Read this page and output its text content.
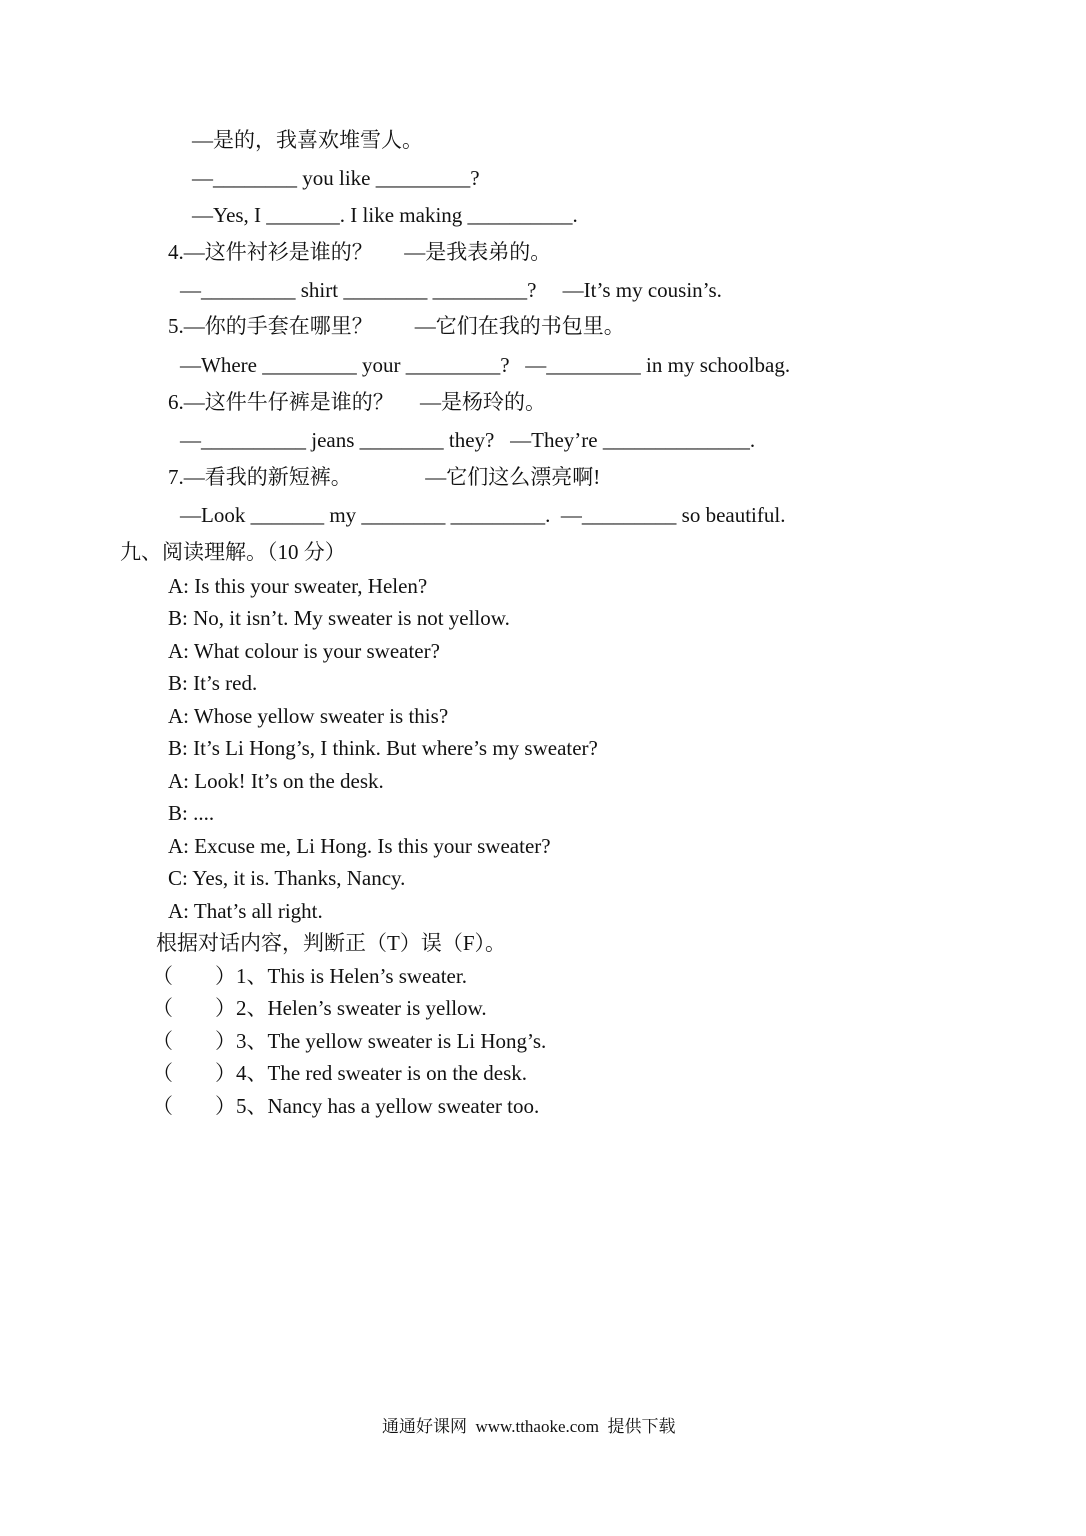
—是的，我喜欢堆雪人。
—________ you like _________?
—Yes, I _______. I like making __________.
4.—这件衬衫是谁的？      —是我表弟的。
—_________ shirt ________ _________?     —It’s my cousin’s.
5.—你的手套在哪里？        —它们在我的书包里。
—Where _________ your _________?   —_________ in my schoolbag.
6.—这件牛仔裤是谁的？     —是杨玲的。
—__________ jeans ________ they?   —They’re ______________.
7.—看我的新短裤。              —它们这么漂亮啊!
—Look _______ my ________ _________.  —_________ so beautiful.
九、阅读理解。（10 分）
A: Is this your sweater, Helen?
B: No, it isn’t. My sweater is not yellow.
A: What colour is your sweater?
B: It’s red.
A: Whose yellow sweater is this?
B: It’s Li Hong’s, I think. But where’s my sweater?
A: Look! It’s on the desk.
B: ....
A: Excuse me, Li Hong. Is this your sweater?
C: Yes, it is. Thanks, Nancy.
A: That’s all right.
根据对话内容，判断正（T）误（F）。
（        ）1、This is Helen’s sweater.
（        ）2、Helen’s sweater is yellow.
（        ）3、The yellow sweater is Li Hong’s.
（        ）4、The red sweater is on the desk.
（        ）5、Nancy has a yellow sweater too.
通通好课网  www.tthaoke.com  提供下载
